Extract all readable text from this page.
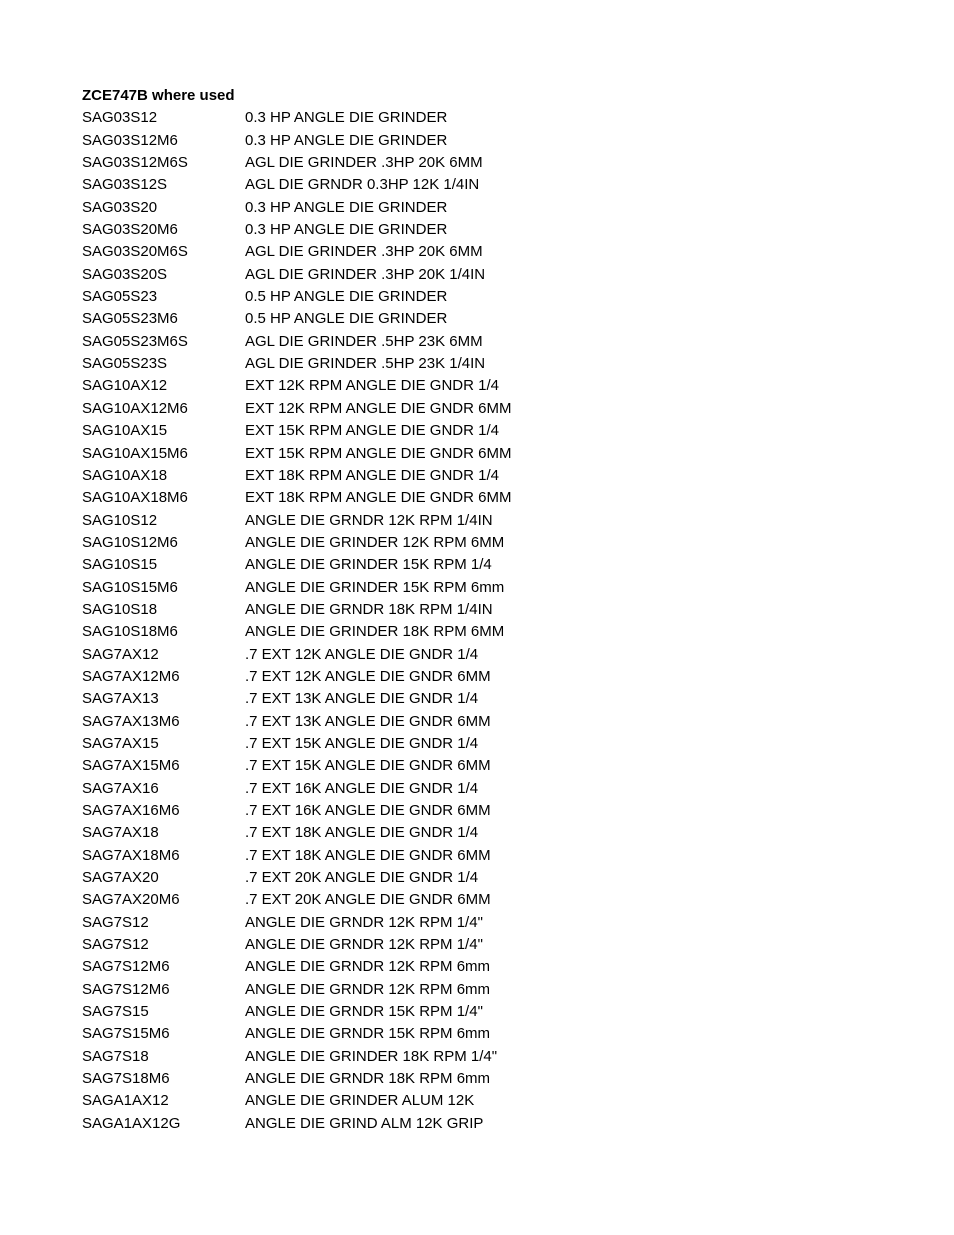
ZCE747B where used
SAG03S12	0.3 HP ANGLE DIE GRINDER
SAG03S12M6	0.3 HP ANGLE DIE GRINDER
SAG03S12M6S	AGL DIE GRINDER .3HP 20K 6MM
SAG03S12S	AGL DIE GRNDR 0.3HP 12K 1/4IN
SAG03S20	0.3 HP ANGLE DIE GRINDER
SAG03S20M6	0.3 HP ANGLE DIE GRINDER
SAG03S20M6S	AGL DIE GRINDER .3HP 20K 6MM
SAG03S20S	AGL DIE GRINDER .3HP 20K 1/4IN
SAG05S23	0.5 HP ANGLE DIE GRINDER
SAG05S23M6	0.5 HP ANGLE DIE GRINDER
SAG05S23M6S	AGL DIE GRINDER .5HP 23K 6MM
SAG05S23S	AGL DIE GRINDER .5HP 23K 1/4IN
SAG10AX12	EXT 12K RPM ANGLE DIE GNDR 1/4
SAG10AX12M6	EXT 12K RPM ANGLE DIE GNDR 6MM
SAG10AX15	EXT 15K RPM ANGLE DIE GNDR 1/4
SAG10AX15M6	EXT 15K RPM ANGLE DIE GNDR 6MM
SAG10AX18	EXT 18K RPM ANGLE DIE GNDR 1/4
SAG10AX18M6	EXT 18K RPM ANGLE DIE GNDR 6MM
SAG10S12	ANGLE DIE GRNDR 12K RPM 1/4IN
SAG10S12M6	ANGLE DIE GRINDER 12K RPM 6MM
SAG10S15	ANGLE DIE GRINDER 15K RPM 1/4
SAG10S15M6	ANGLE DIE GRINDER 15K RPM 6mm
SAG10S18	ANGLE DIE GRNDR 18K RPM 1/4IN
SAG10S18M6	ANGLE DIE GRINDER 18K RPM 6MM
SAG7AX12	.7 EXT 12K ANGLE DIE GNDR 1/4
SAG7AX12M6	.7 EXT 12K ANGLE DIE GNDR 6MM
SAG7AX13	.7 EXT 13K ANGLE DIE GNDR 1/4
SAG7AX13M6	.7 EXT 13K ANGLE DIE GNDR 6MM
SAG7AX15	.7 EXT 15K ANGLE DIE GNDR 1/4
SAG7AX15M6	.7 EXT 15K ANGLE DIE GNDR 6MM
SAG7AX16	.7 EXT 16K ANGLE DIE GNDR 1/4
SAG7AX16M6	.7 EXT 16K ANGLE DIE GNDR 6MM
SAG7AX18	.7 EXT 18K ANGLE DIE GNDR 1/4
SAG7AX18M6	.7 EXT 18K ANGLE DIE GNDR 6MM
SAG7AX20	.7 EXT 20K ANGLE DIE GNDR 1/4
SAG7AX20M6	.7 EXT 20K ANGLE DIE GNDR 6MM
SAG7S12	ANGLE DIE GRNDR 12K RPM 1/4"
SAG7S12	ANGLE DIE GRNDR 12K RPM 1/4"
SAG7S12M6	ANGLE DIE GRNDR 12K RPM 6mm
SAG7S12M6	ANGLE DIE GRNDR 12K RPM 6mm
SAG7S15	ANGLE DIE GRNDR 15K RPM 1/4"
SAG7S15M6	ANGLE DIE GRNDR 15K RPM 6mm
SAG7S18	ANGLE DIE GRINDER 18K RPM 1/4"
SAG7S18M6	ANGLE DIE GRNDR 18K RPM 6mm
SAGA1AX12	ANGLE DIE GRINDER ALUM 12K
SAGA1AX12G	ANGLE DIE GRIND ALM 12K GRIP
